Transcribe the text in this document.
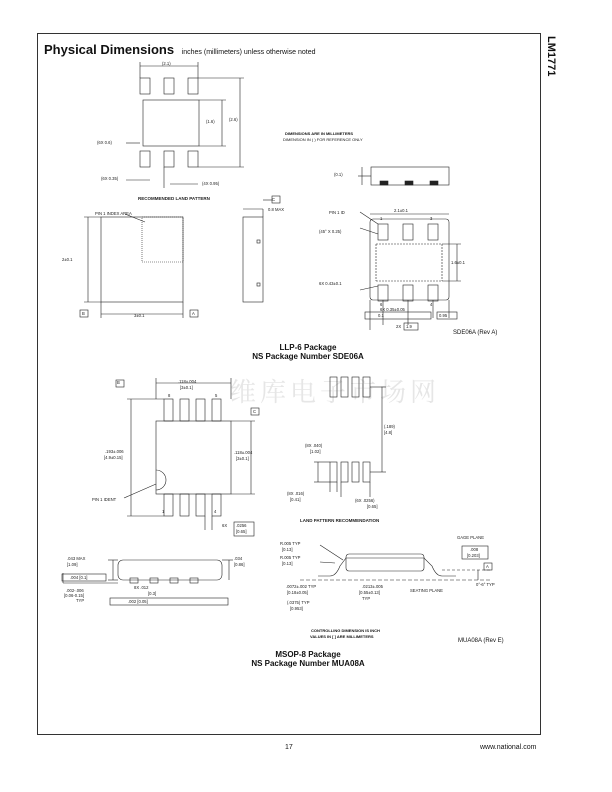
LM1771
Physical Dimensions inches (millimeters) unless otherwise noted
维库电子市场网
(2.1)
(1.6)	(2.6)
(6X 0.6)
(6X 0.35)
(4X 0.95)
RECOMMENDED LAND PATTERN
DIMENSIONS ARE IN MILLIMETERS
DIMENSION IN ( ) FOR REFERENCE ONLY
PIN 1 INDEX AREA
0.8 MAX
C
2±0.1
3±0.1
B	A
(0.1)
PIN 1 ID	2.1±0.1
(45° X 0.25)
1.6±0.1
6X 0.43±0.1
1	3
6	4
6X 0.35±0.05
0.1	0.95
2X 1.9
SDE06A (Rev A)
LLP-6 Package
NS Package Number SDE06A
B	.118±.004
[3±0.1]
8	5
C
.193±.006
[4.9±0.15]
.118±.004
[3±0.1]
PIN 1 IDENT
1	4
6X .0256
[0.65]
(.189)
[4.8]
(8X .040)
[1.02]
(8X .016)
[0.41]	(6X .0256)
[0.65]
LAND PATTERN RECOMMENDATION
.043 MAX
[1.09]
.034
[0.86]
.004 [0.1]
.002-.006
[0.06-0.15]
TYP
8X .012
[0.3]
.002 [0.05]
R.005 TYP
[0.13]
R.005 TYP
[0.13]
GAGE PLANE
.008
[0.203]
A
0°-6° TYP
.0072±.002 TYP
[0.18±0.05]
.0213±.005
[0.55±0.13]
TYP
SEATING PLANE
(.0375) TYP
[0.953]
CONTROLLING DIMENSION IS INCH
VALUES IN [ ] ARE MILLIMETERS
MUA08A (Rev E)
MSOP-8 Package
NS Package Number MUA08A
17	www.national.com
